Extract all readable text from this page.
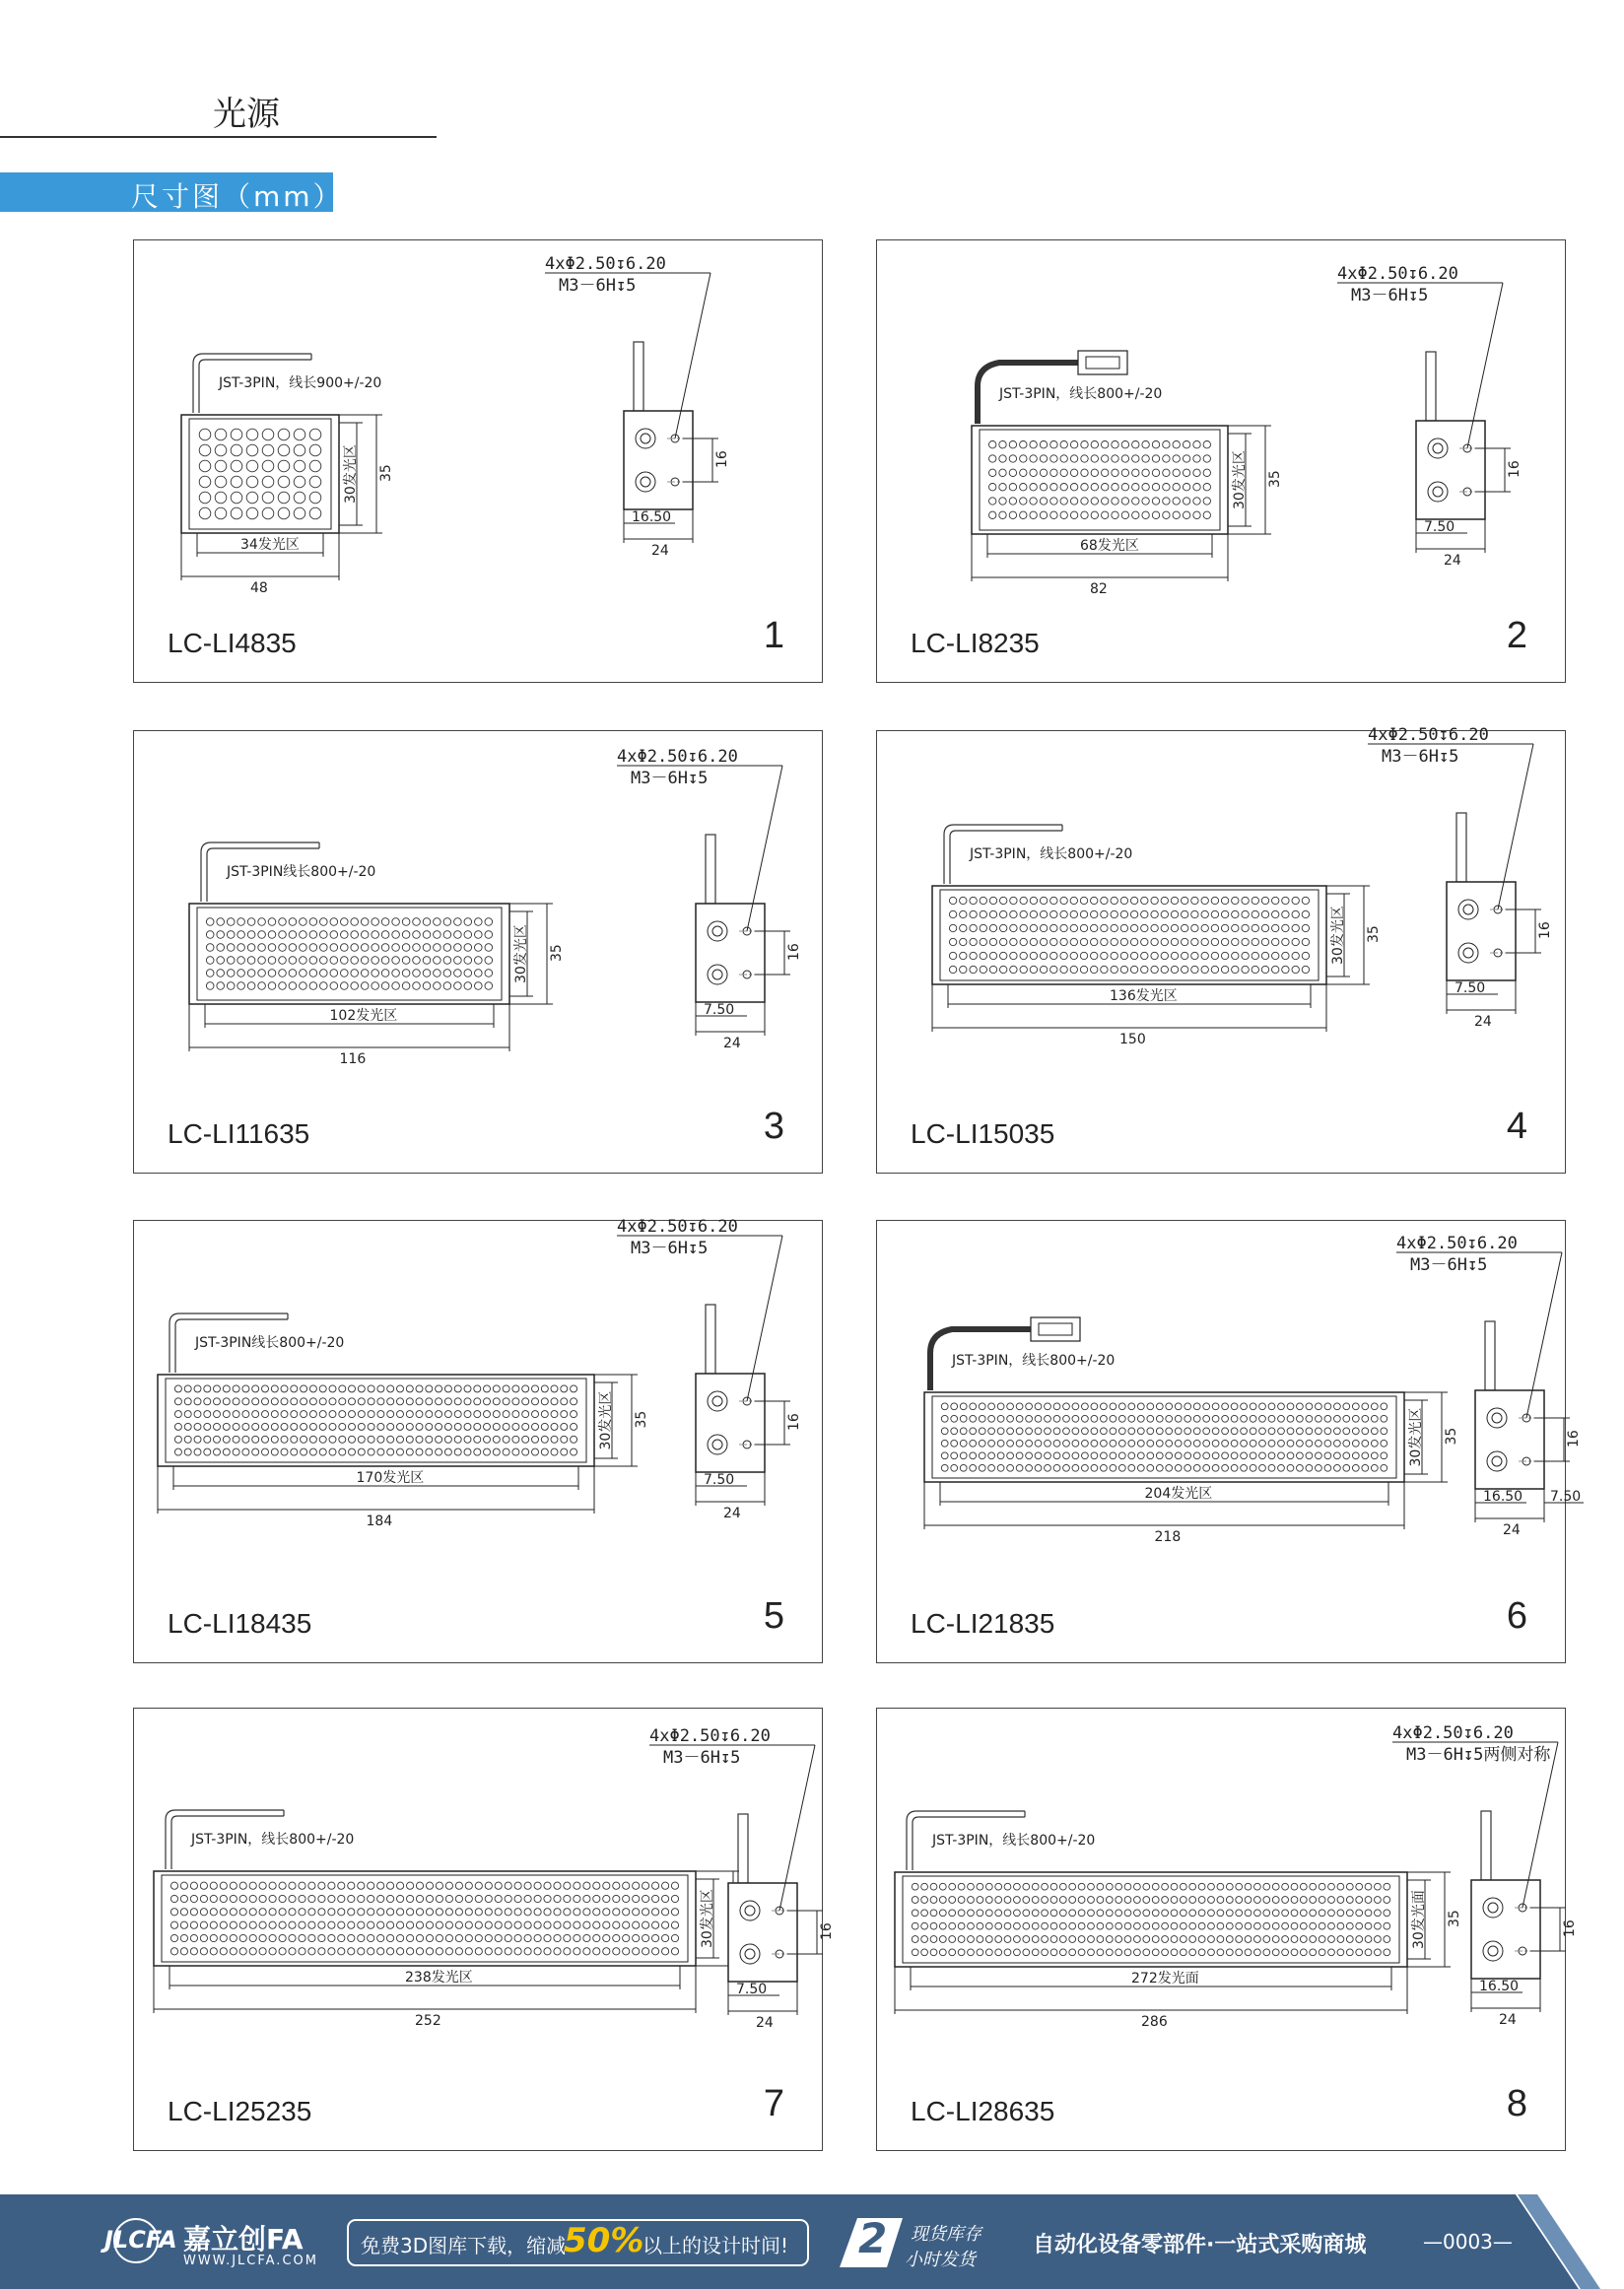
光源
尺寸图（mm）
JST-3PIN，线长900+/-20
30发光区 35
34发光区
48
4xΦ2.50↧6.20
M3－6H↧5
16
16.50
24
LC-LI4835	1
JST-3PIN，线长800+/-20
30发光区 35
68发光区
82
4xΦ2.50↧6.20
M3－6H↧5
16
7.50
24
LC-LI8235	2
JST-3PIN线长800+/-20
30发光区 35
102发光区
116
4xΦ2.50↧6.20
M3－6H↧5
16
7.50
24
LC-LI11635	3
JST-3PIN，线长800+/-20
30发光区 35
136发光区
150
4xΦ2.50↧6.20
M3－6H↧5
16
7.50
24
LC-LI15035	4
JST-3PIN线长800+/-20
30发光区 35
170发光区
184
4xΦ2.50↧6.20
M3－6H↧5
16
7.50
24
LC-LI18435	5
JST-3PIN，线长800+/-20
30发光区 35
204发光区
218
4xΦ2.50↧6.20
M3－6H↧5
16
16.50
24
7.50
LC-LI21835	6
JST-3PIN，线长800+/-20
30发光区
238发光区
252
4xΦ2.50↧6.20
M3－6H↧5
16
7.50
24
LC-LI25235	7
JST-3PIN，线长800+/-20
30发光面 35
272发光面
286
4xΦ2.50↧6.20
M3－6H↧5两侧对称
16
16.50
24
LC-LI28635	8
JLCFA 嘉立创FA
WWW.JLCFA.COM
免费3D图库下载，缩减
50%
以上的设计时间! 2 现货库存
小时发货
自动化设备零部件·一站式采购商城	—0003—
